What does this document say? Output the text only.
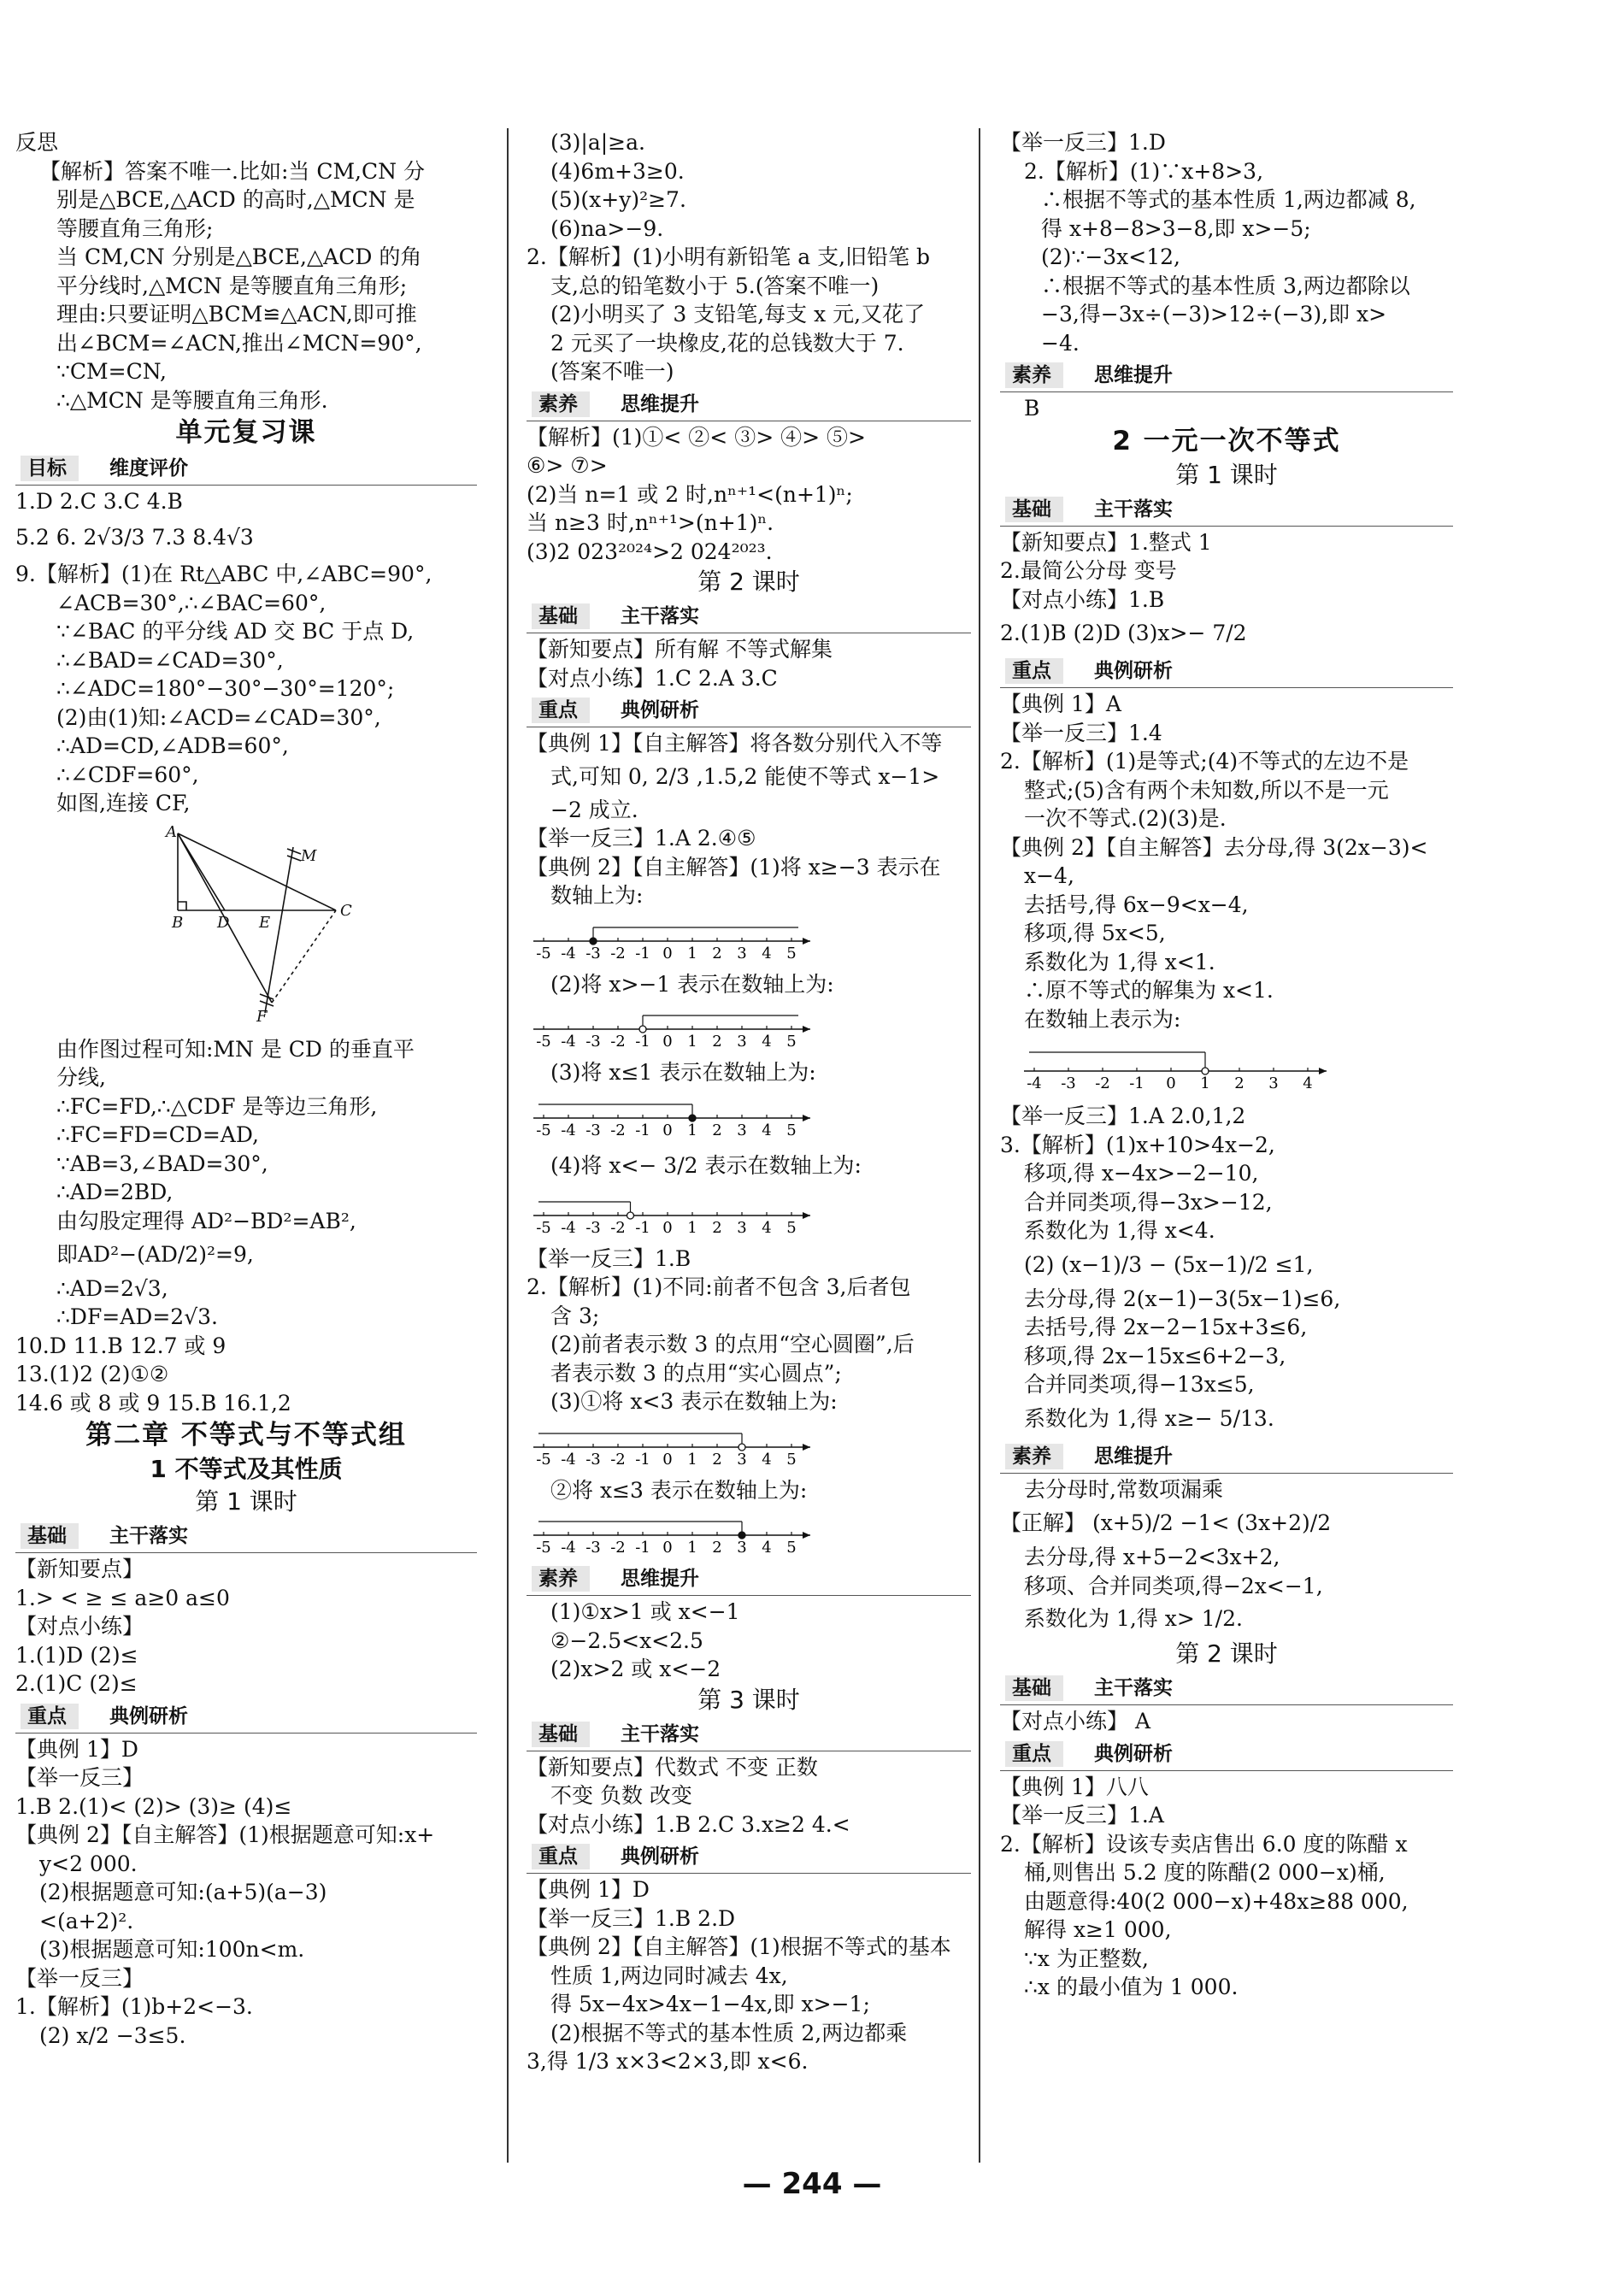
反思
【解析】答案不唯一.比如:当 CM,CN 分
别是△BCE,△ACD 的高时,△MCN 是
等腰直角三角形;
当 CM,CN 分别是△BCE,△ACD 的角
平分线时,△MCN 是等腰直角三角形;
理由:只要证明△BCM≌△ACN,即可推
出∠BCM=∠ACN,推出∠MCN=90°,
∵CM=CN,
∴△MCN 是等腰直角三角形.
单元复习课
目标	维度评价
1.D 2.C 3.C 4.B
5.2 6. 2√3/3 7.3 8.4√3
9.【解析】(1)在 Rt△ABC 中,∠ABC=90°,
∠ACB=30°,∴∠BAC=60°,
∵∠BAC 的平分线 AD 交 BC 于点 D,
∴∠BAD=∠CAD=30°,
∴∠ADC=180°−30°−30°=120°;
(2)由(1)知:∠ACD=∠CAD=30°,
∴AD=CD,∠ADB=60°,
∴∠CDF=60°,
如图,连接 CF,
A
B
C
D E
F
M
由作图过程可知:MN 是 CD 的垂直平
分线,
∴FC=FD,∴△CDF 是等边三角形,
∴FC=FD=CD=AD,
∵AB=3,∠BAD=30°,
∴AD=2BD,
由勾股定理得 AD²−BD²=AB²,
即AD²−(AD/2)²=9,
∴AD=2√3,
∴DF=AD=2√3.
10.D 11.B 12.7 或 9
13.(1)2 (2)①②
14.6 或 8 或 9 15.B 16.1,2
第二章 不等式与不等式组
1 不等式及其性质
第 1 课时
基础	主干落实
【新知要点】
1.> < ≥ ≤ a≥0 a≤0
【对点小练】
1.(1)D (2)≤
2.(1)C (2)≤
重点	典例研析
【典例 1】D
【举一反三】
1.B 2.(1)< (2)> (3)≥ (4)≤
【典例 2】【自主解答】(1)根据题意可知:x+
y<2 000.
(2)根据题意可知:(a+5)(a−3)
<(a+2)².
(3)根据题意可知:100n<m.
【举一反三】
1.【解析】(1)b+2<−3.
(2) x/2 −3≤5.
(3)|a|≥a.
(4)6m+3≥0.
(5)(x+y)²≥7.
(6)na>−9.
2.【解析】(1)小明有新铅笔 a 支,旧铅笔 b
支,总的铅笔数小于 5.(答案不唯一)
(2)小明买了 3 支铅笔,每支 x 元,又花了
2 元买了一块橡皮,花的总钱数大于 7.
(答案不唯一)
素养	思维提升
【解析】(1)①< ②< ③> ④> ⑤>
⑥> ⑦>
(2)当 n=1 或 2 时,nⁿ⁺¹<(n+1)ⁿ;
当 n≥3 时,nⁿ⁺¹>(n+1)ⁿ.
(3)2 023²⁰²⁴>2 024²⁰²³.
第 2 课时
基础	主干落实
【新知要点】所有解 不等式解集
【对点小练】1.C 2.A 3.C
重点	典例研析
【典例 1】【自主解答】将各数分别代入不等
式,可知 0, 2/3 ,1.5,2 能使不等式 x−1>
−2 成立.
【举一反三】1.A 2.④⑤
【典例 2】【自主解答】(1)将 x≥−3 表示在
数轴上为:
-5 -4 -3 -2 -1 0 1 2 3 4 5
(2)将 x>−1 表示在数轴上为:
-5 -4 -3 -2 -1 0 1 2 3 4 5
(3)将 x≤1 表示在数轴上为:
-5 -4 -3 -2 -1 0 1 2 3 4 5
(4)将 x<− 3/2 表示在数轴上为:
-5 -4 -3 -2 -1 0 1 2 3 4 5
【举一反三】1.B
2.【解析】(1)不同:前者不包含 3,后者包
含 3;
(2)前者表示数 3 的点用“空心圆圈”,后
者表示数 3 的点用“实心圆点”;
(3)①将 x<3 表示在数轴上为:
-5 -4 -3 -2 -1 0 1 2 3 4 5
②将 x≤3 表示在数轴上为:
-5 -4 -3 -2 -1 0 1 2 3 4 5
素养	思维提升
(1)①x>1 或 x<−1
②−2.5<x<2.5
(2)x>2 或 x<−2
第 3 课时
基础	主干落实
【新知要点】代数式 不变 正数
不变 负数 改变
【对点小练】1.B 2.C 3.x≥2 4.<
重点	典例研析
【典例 1】D
【举一反三】1.B 2.D
【典例 2】【自主解答】(1)根据不等式的基本
性质 1,两边同时减去 4x,
得 5x−4x>4x−1−4x,即 x>−1;
(2)根据不等式的基本性质 2,两边都乘
3,得 1/3 x×3<2×3,即 x<6.
【举一反三】1.D
2.【解析】(1)∵x+8>3,
∴根据不等式的基本性质 1,两边都减 8,
得 x+8−8>3−8,即 x>−5;
(2)∵−3x<12,
∴根据不等式的基本性质 3,两边都除以
−3,得−3x÷(−3)>12÷(−3),即 x>
−4.
素养	思维提升
B
2 一元一次不等式
第 1 课时
基础	主干落实
【新知要点】1.整式 1
2.最简公分母 变号
【对点小练】1.B
2.(1)B (2)D (3)x>− 7/2
重点	典例研析
【典例 1】A
【举一反三】1.4
2.【解析】(1)是等式;(4)不等式的左边不是
整式;(5)含有两个未知数,所以不是一元
一次不等式.(2)(3)是.
【典例 2】【自主解答】去分母,得 3(2x−3)<
x−4,
去括号,得 6x−9<x−4,
移项,得 5x<5,
系数化为 1,得 x<1.
∴原不等式的解集为 x<1.
在数轴上表示为:
-4 -3 -2 -1 0 1 2 3 4
【举一反三】1.A 2.0,1,2
3.【解析】(1)x+10>4x−2,
移项,得 x−4x>−2−10,
合并同类项,得−3x>−12,
系数化为 1,得 x<4.
(2) (x−1)/3 − (5x−1)/2 ≤1,
去分母,得 2(x−1)−3(5x−1)≤6,
去括号,得 2x−2−15x+3≤6,
移项,得 2x−15x≤6+2−3,
合并同类项,得−13x≤5,
系数化为 1,得 x≥− 5/13.
素养	思维提升
去分母时,常数项漏乘
【正解】 (x+5)/2 −1< (3x+2)/2
去分母,得 x+5−2<3x+2,
移项、合并同类项,得−2x<−1,
系数化为 1,得 x> 1/2.
第 2 课时
基础	主干落实
【对点小练】 A
重点	典例研析
【典例 1】八八
【举一反三】1.A
2.【解析】设该专卖店售出 6.0 度的陈醋 x
桶,则售出 5.2 度的陈醋(2 000−x)桶,
由题意得:40(2 000−x)+48x≥88 000,
解得 x≥1 000,
∵x 为正整数,
∴x 的最小值为 1 000.
— 244 —
